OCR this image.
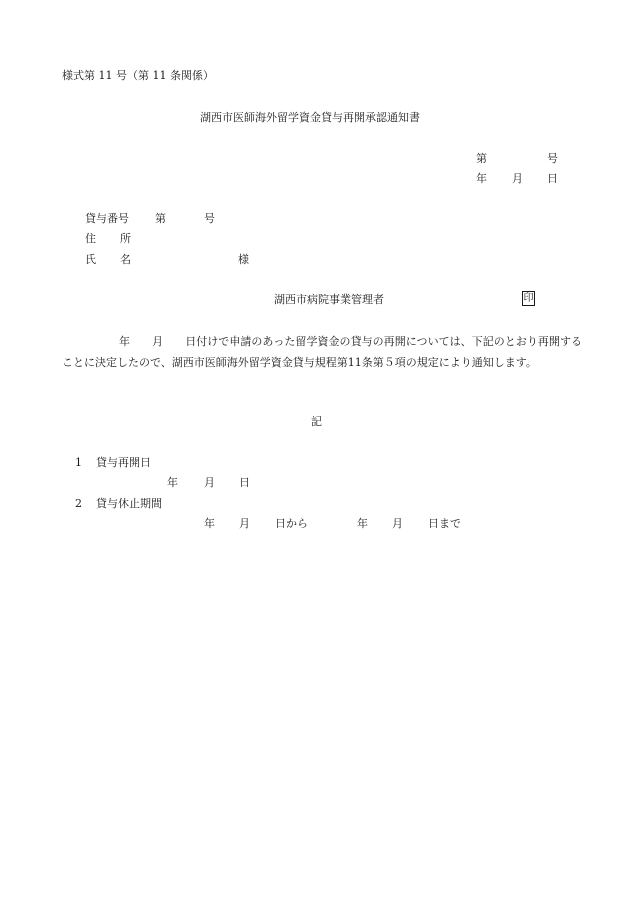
様式第 11 号（第 11 条関係）
湖西市医師海外留学資金貸与再開承認通知書
第	号
年 月 日
貸与番号 第	号
住 所
氏 名	様
湖西市病院事業管理者	印
年　　月　　日付けで申請のあった留学資金の貸与の再開については、下記のとおり再開することに決定したので、湖西市医師海外留学資金貸与規程第11条第５項の規定により通知します。
記
1 貸与再開日
年 月 日
2 貸与休止期間
年 月 日から	年 月 日まで
